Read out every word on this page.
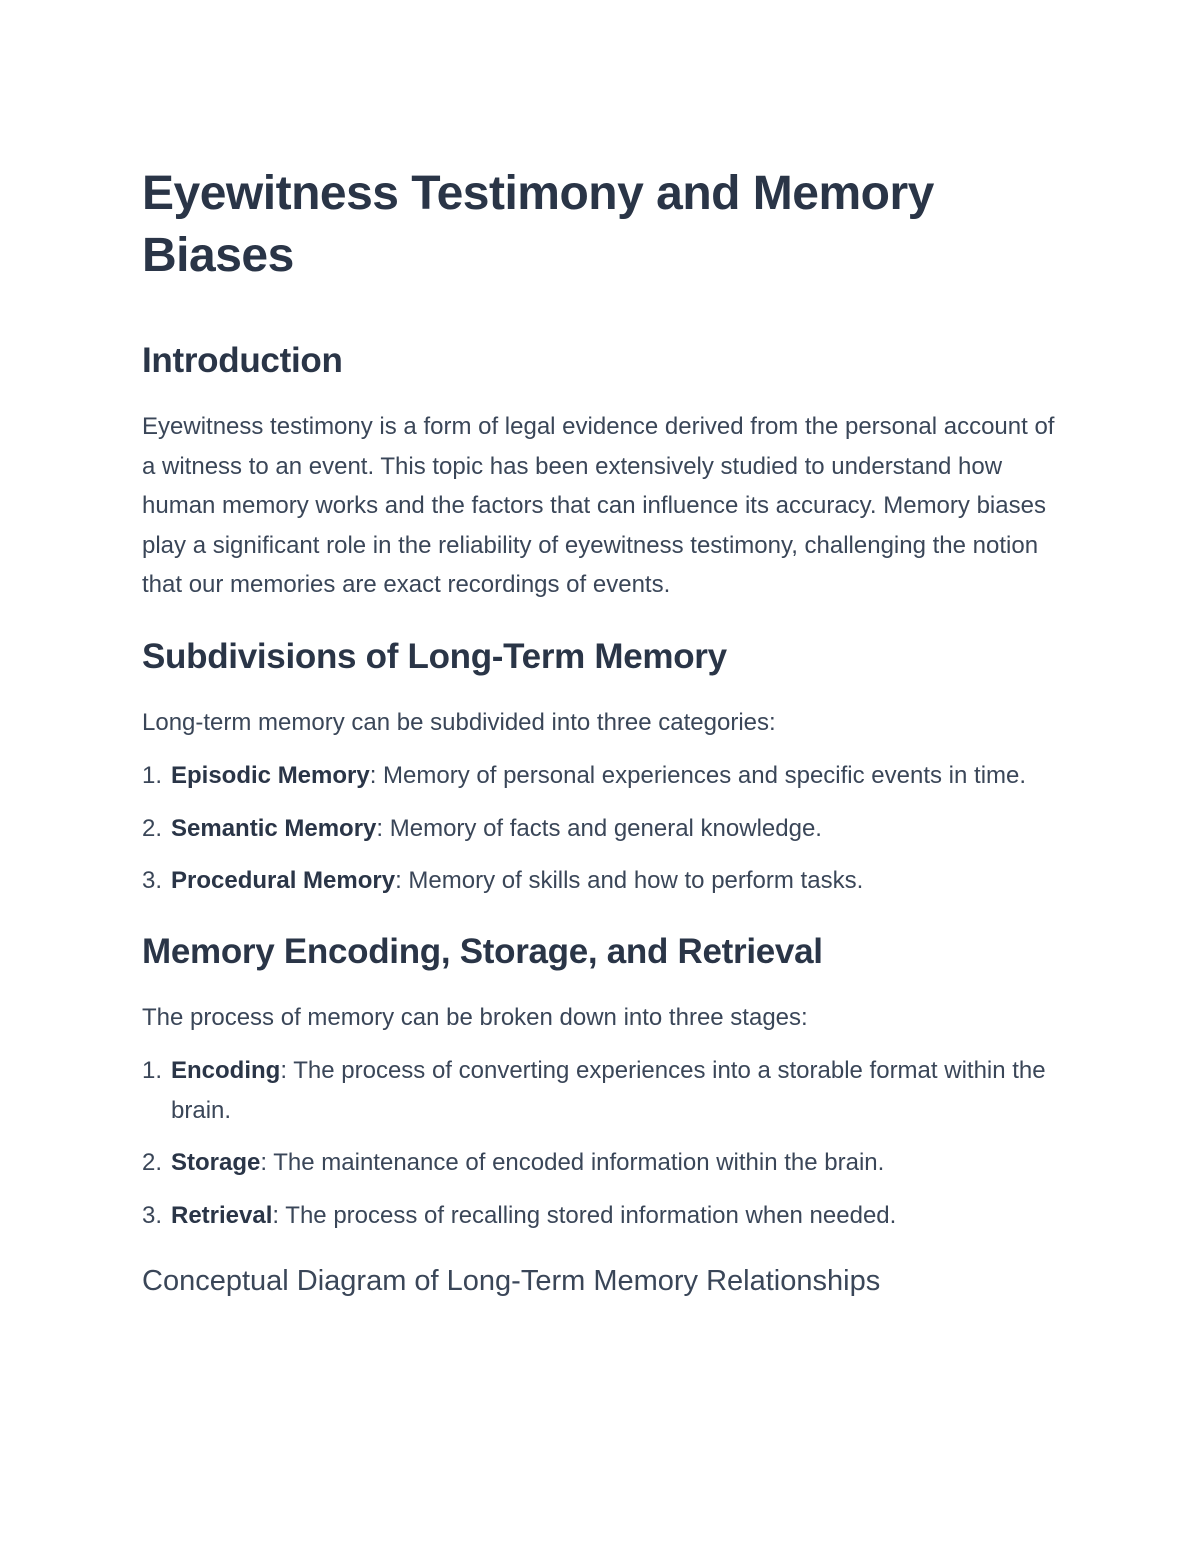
Eyewitness Testimony and Memory Biases
Introduction

Eyewitness testimony is a form of legal evidence derived from the personal account of a witness to an event. This topic has been extensively studied to understand how human memory works and the factors that can influence its accuracy. Memory biases play a significant role in the reliability of eyewitness testimony, challenging the notion that our memories are exact recordings of events.

Subdivisions of Long-Term Memory

Long-term memory can be subdivided into three categories:

1. Episodic Memory: Memory of personal experiences and specific events in time.
2. Semantic Memory: Memory of facts and general knowledge.
3. Procedural Memory: Memory of skills and how to perform tasks.
Memory Encoding, Storage, and Retrieval

The process of memory can be broken down into three stages:

1. Encoding: The process of converting experiences into a storable format within the brain.
2. Storage: The maintenance of encoded information within the brain.
3. Retrieval: The process of recalling stored information when needed.
Conceptual Diagram of Long-Term Memory Relationships
